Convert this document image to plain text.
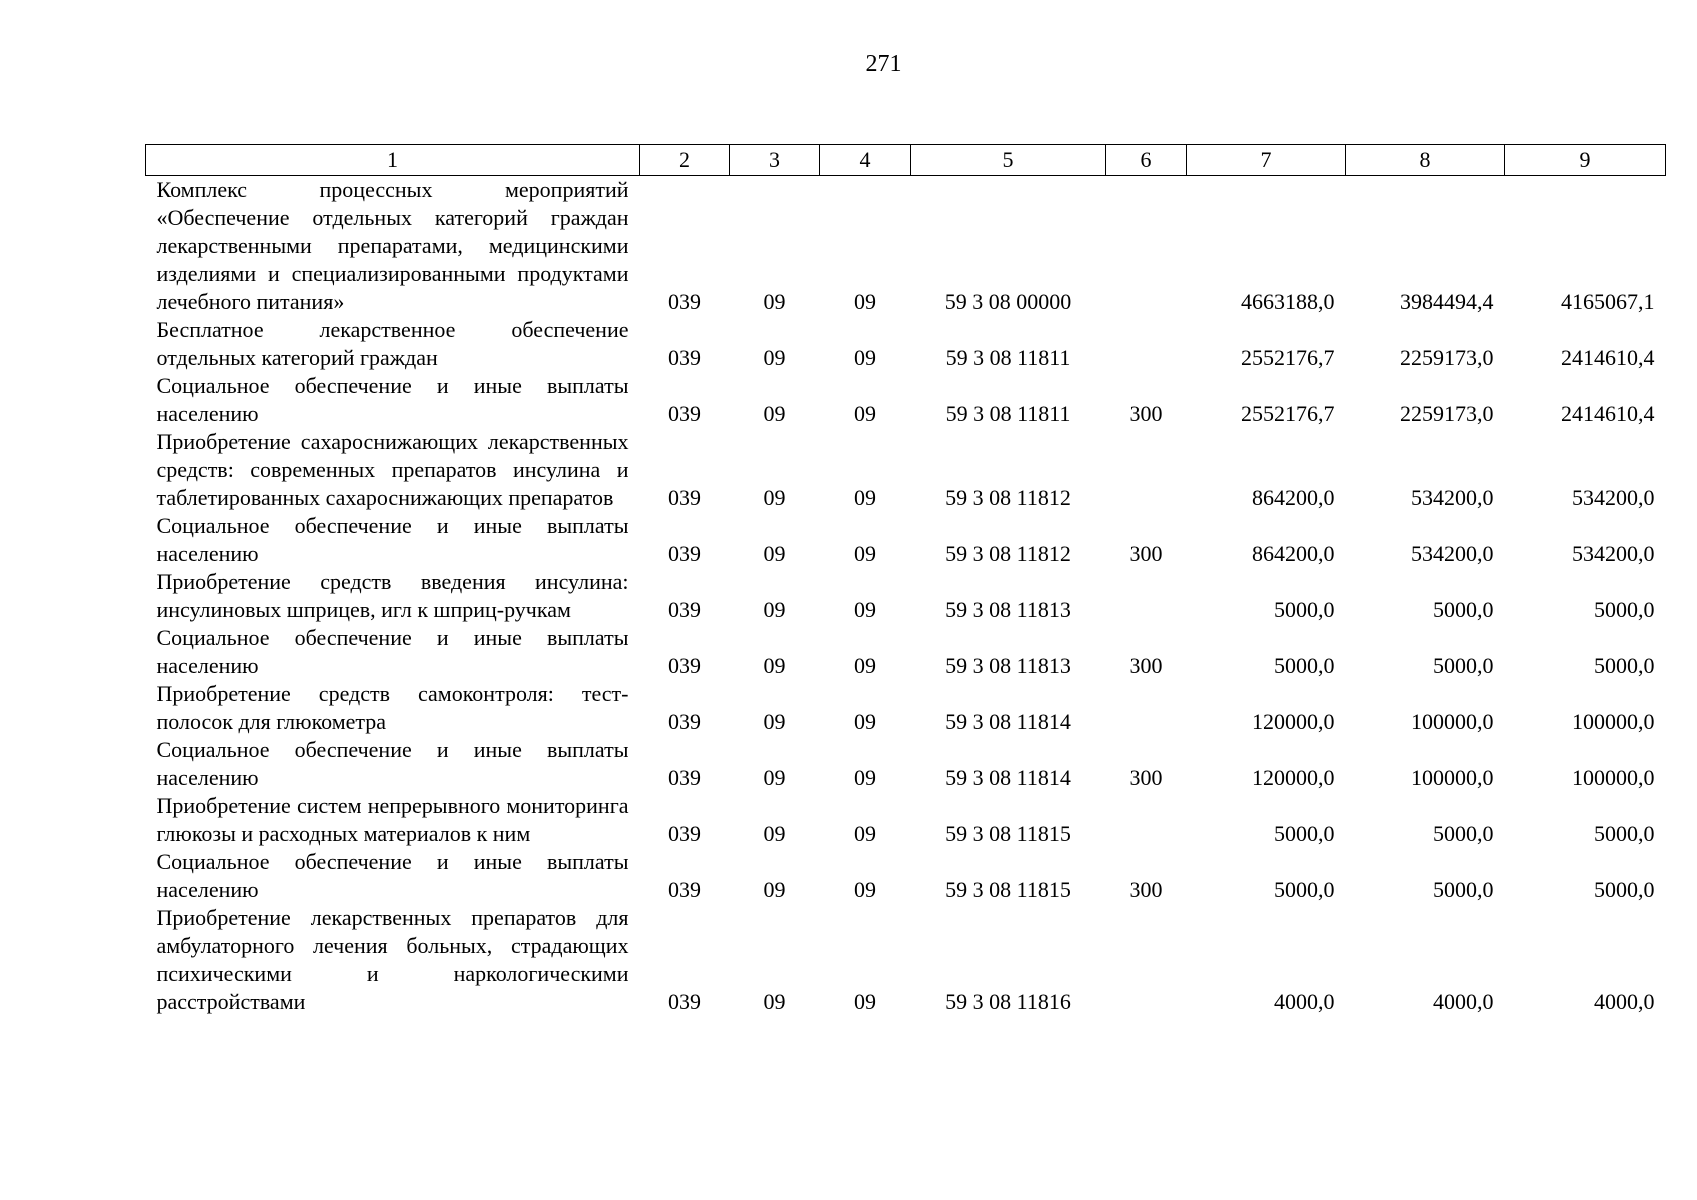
271
1	2	3	4	5	6	7	8	9
Комплекс процессных мероприятий «Обеспечение отдельных категорий граждан лекарственными препаратами, медицинскими изделиями и специализированными продуктами лечебного питания»	039	09	09	59 3 08 00000		4663188,0	3984494,4	4165067,1
Бесплатное лекарственное обеспечение отдельных категорий граждан	039	09	09	59 3 08 11811		2552176,7	2259173,0	2414610,4
Социальное обеспечение и иные выплаты населению	039	09	09	59 3 08 11811	300	2552176,7	2259173,0	2414610,4
Приобретение сахароснижающих лекарственных средств: современных препаратов инсулина и таблетированных сахароснижающих препаратов	039	09	09	59 3 08 11812		864200,0	534200,0	534200,0
Социальное обеспечение и иные выплаты населению	039	09	09	59 3 08 11812	300	864200,0	534200,0	534200,0
Приобретение средств введения инсулина: инсулиновых шприцев, игл к шприц-ручкам	039	09	09	59 3 08 11813		5000,0	5000,0	5000,0
Социальное обеспечение и иные выплаты населению	039	09	09	59 3 08 11813	300	5000,0	5000,0	5000,0
Приобретение средств самоконтроля: тест-полосок для глюкометра	039	09	09	59 3 08 11814		120000,0	100000,0	100000,0
Социальное обеспечение и иные выплаты населению	039	09	09	59 3 08 11814	300	120000,0	100000,0	100000,0
Приобретение систем непрерывного мониторинга глюкозы и расходных материалов к ним	039	09	09	59 3 08 11815		5000,0	5000,0	5000,0
Социальное обеспечение и иные выплаты населению	039	09	09	59 3 08 11815	300	5000,0	5000,0	5000,0
Приобретение лекарственных препаратов для амбулаторного лечения больных, страдающих психическими и наркологическими расстройствами	039	09	09	59 3 08 11816		4000,0	4000,0	4000,0
